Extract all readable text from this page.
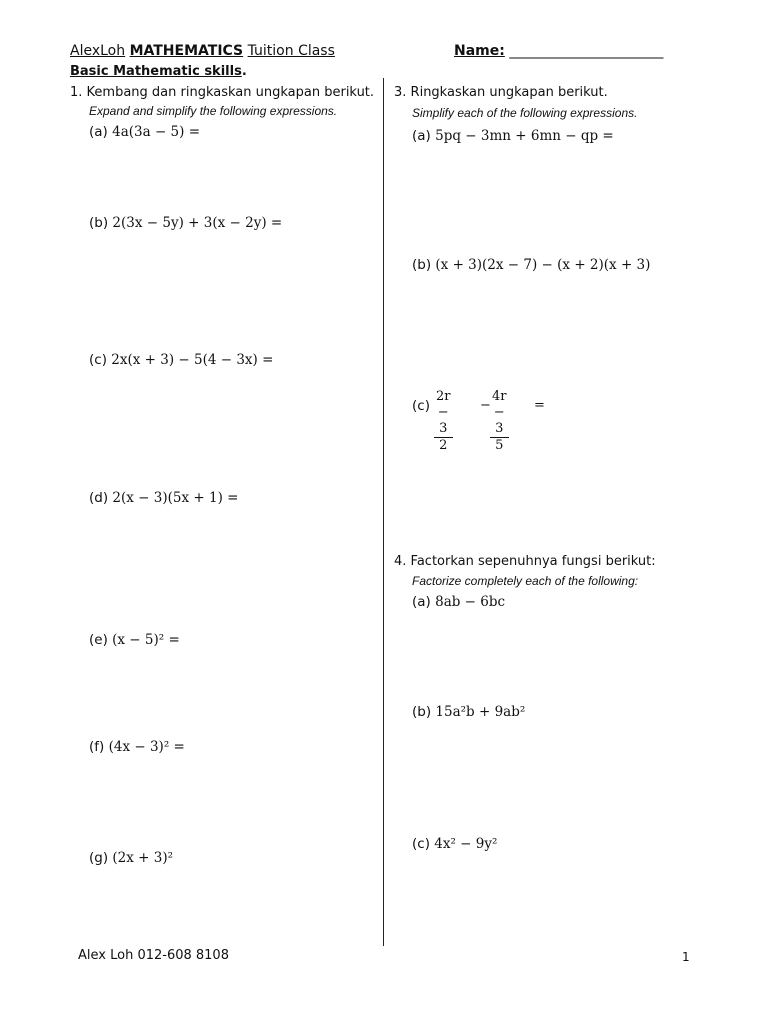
AlexLoh MATHEMATICS Tuition Class	Name: ______________________
Basic Mathematic skills.
1. Kembang dan ringkaskan ungkapan berikut.
Expand and simplify the following expressions.
(a) 4a(3a − 5) =
(b) 2(3x − 5y) + 3(x − 2y) =
(c) 2x(x + 3) − 5(4 − 3x) =
(d) 2(x − 3)(5x + 1) =
(e) (x − 5)² =
(f) (4x − 3)² =
(g) (2x + 3)²
3. Ringkaskan ungkapan berikut.
Simplify each of the following expressions.
(a) 5pq − 3mn + 6mn − qp =
(b) (x + 3)(2x − 7) − (x + 2)(x + 3)
$(c) \frac{2r - 3}{2} - \frac{4r - 3}{5}$ =
4. Factorkan sepenuhnya fungsi berikut:
Factorize completely each of the following:
(a) 8ab − 6bc
(b) 15a²b + 9ab²
(c) 4x² − 9y²
Alex Loh 012-608 8108	1
